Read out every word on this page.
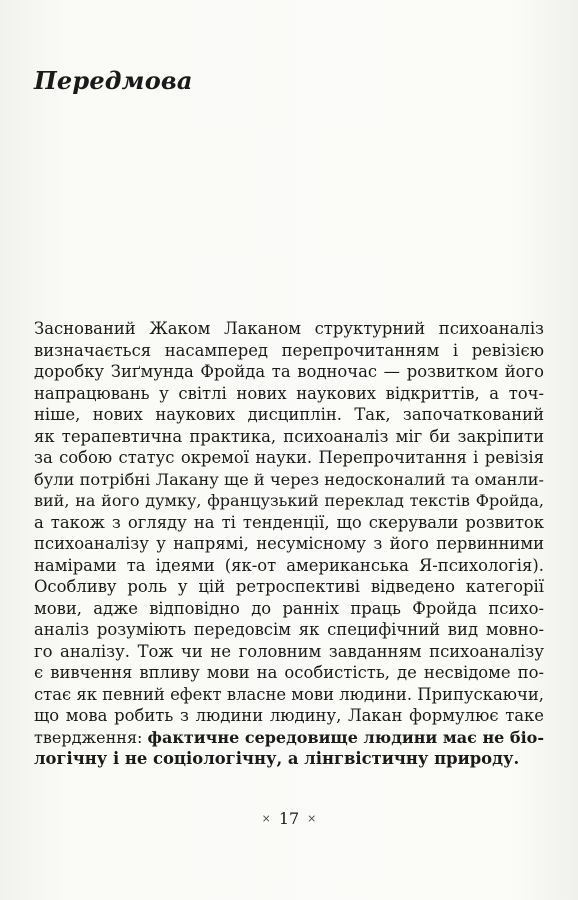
Передмова
Заснований Жаком Лаканом структурний психоаналіз
визначається насамперед перепрочитанням і ревізією
доробку Зиґмунда Фройда та водночас — розвитком його
напрацювань у світлі нових наукових відкриттів, а точ-
ніше, нових наукових дисциплін. Так, започаткований
як терапевтична практика, психоаналіз міг би закріпити
за собою статус окремої науки. Перепрочитання і ревізія
були потрібні Лакану ще й через недосконалий та оманли-
вий, на його думку, французький переклад текстів Фройда,
а також з огляду на ті тенденції, що скерували розвиток
психоаналізу у напрямі, несумісному з його первинними
намірами та ідеями (як-от американська Я-психологія).
Особливу роль у цій ретроспективі відведено категорії
мови, адже відповідно до ранніх праць Фройда психо-
аналіз розуміють передовсім як специфічний вид мовно-
го аналізу. Тож чи не головним завданням психоаналізу
є вивчення впливу мови на особистість, де несвідоме по-
стає як певний ефект власне мови людини. Припускаючи,
що мова робить з людини людину, Лакан формулює таке
твердження: фактичне середовище людини має не біо-
логічну і не соціологічну, а лінгвістичну природу.
× 17 ×
